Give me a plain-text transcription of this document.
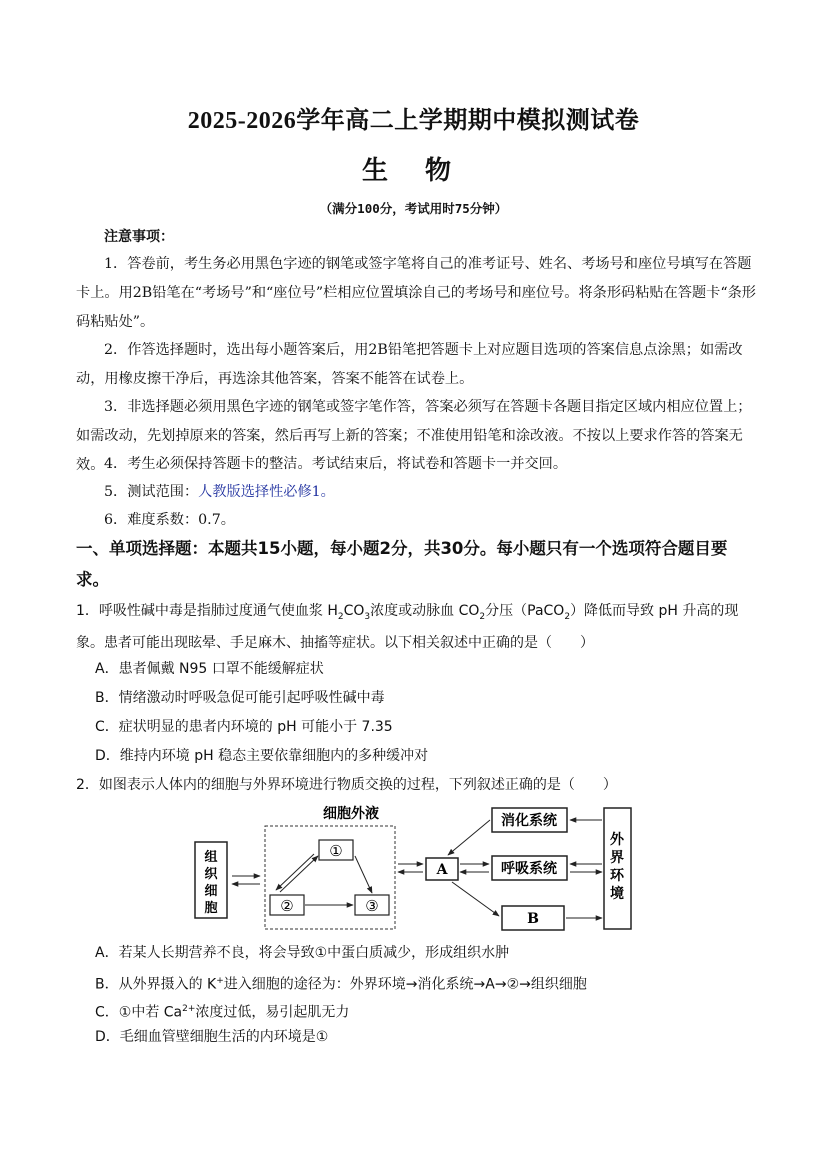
2025-2026学年高二上学期期中模拟测试卷
生 物
（满分100分，考试用时75分钟）
注意事项：

1．答卷前，考生务必用黑色字迹的钢笔或签字笔将自己的准考证号、姓名、考场号和座位号填写在答题卡上。用2B铅笔在“考场号”和“座位号”栏相应位置填涂自己的考场号和座位号。将条形码粘贴在答题卡“条形码粘贴处”。

2．作答选择题时，选出每小题答案后，用2B铅笔把答题卡上对应题目选项的答案信息点涂黑；如需改动，用橡皮擦干净后，再选涂其他答案，答案不能答在试卷上。

3．非选择题必须用黑色字迹的钢笔或签字笔作答，答案必须写在答题卡各题目指定区域内相应位置上；如需改动，先划掉原来的答案，然后再写上新的答案；不准使用铅笔和涂改液。不按以上要求作答的答案无效。 4．考生必须保持答题卡的整洁。考试结束后，将试卷和答题卡一并交回。

5．测试范围：人教版选择性必修1。

6．难度系数：0.7。

一、单项选择题：本题共15小题，每小题2分，共30分。每小题只有一个选项符合题目要求。

1．呼吸性碱中毒是指肺过度通气使血浆 $H_2CO_3$浓度或动脉血 $CO_2$分压（PaCO$_2$）降低而导致 pH 升高的现象。患者可能出现眩晕、手足麻木、抽搐等症状。以下相关叙述中正确的是（　　）

A．患者佩戴 N95 口罩不能缓解症状
B．情绪激动时呼吸急促可能引起呼吸性碱中毒
C．症状明显的患者内环境的 pH 可能小于 7.35
D．维持内环境 pH 稳态主要依靠细胞内的多种缓冲对

2．如图表示人体内的细胞与外界环境进行物质交换的过程，下列叙述正确的是（　　）

细胞外液
组
织
细
胞
①
②	③
A
消化系统
呼吸系统
B
外
界
环
境
A．若某人长期营养不良，将会导致①中蛋白质减少，形成组织水肿
B．从外界摄入的 K+进入细胞的途径为：外界环境→消化系统→A→②→组织细胞
C．①中若 $Ca^{2+}$浓度过低，易引起肌无力
D．毛细血管壁细胞生活的内环境是①
